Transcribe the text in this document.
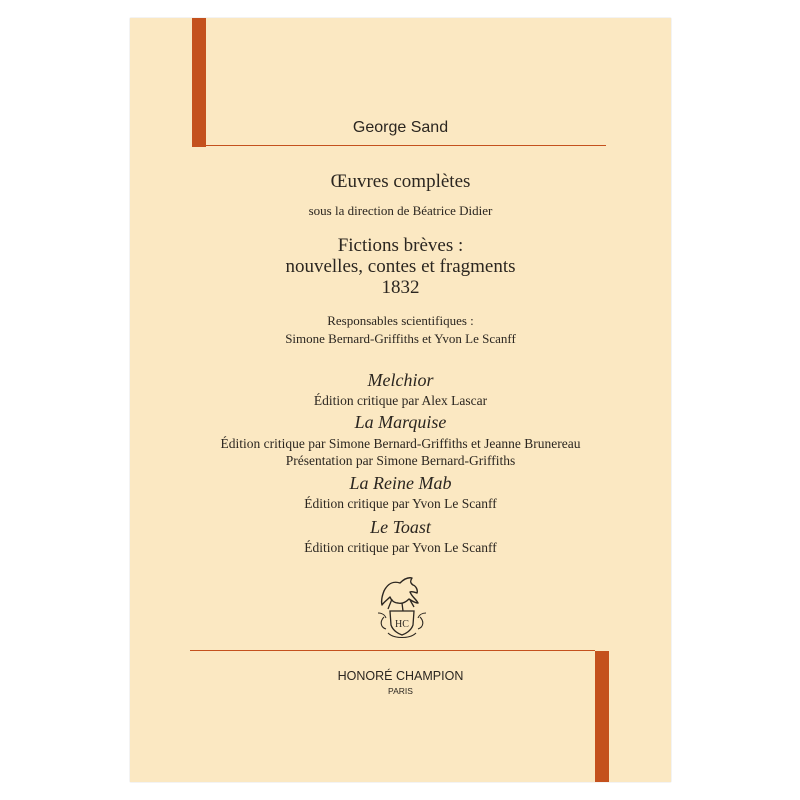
George Sand
Œuvres complètes
sous la direction de Béatrice Didier
Fictions brèves :
nouvelles, contes et fragments
1832
Responsables scientifiques :
Simone Bernard-Griffiths et Yvon Le Scanff
Melchior
Édition critique par Alex Lascar
La Marquise
Édition critique par Simone Bernard-Griffiths et Jeanne Brunereau
Présentation par Simone Bernard-Griffiths
La Reine Mab
Édition critique par Yvon Le Scanff
Le Toast
Édition critique par Yvon Le Scanff
HC
HONORÉ CHAMPION
PARIS
